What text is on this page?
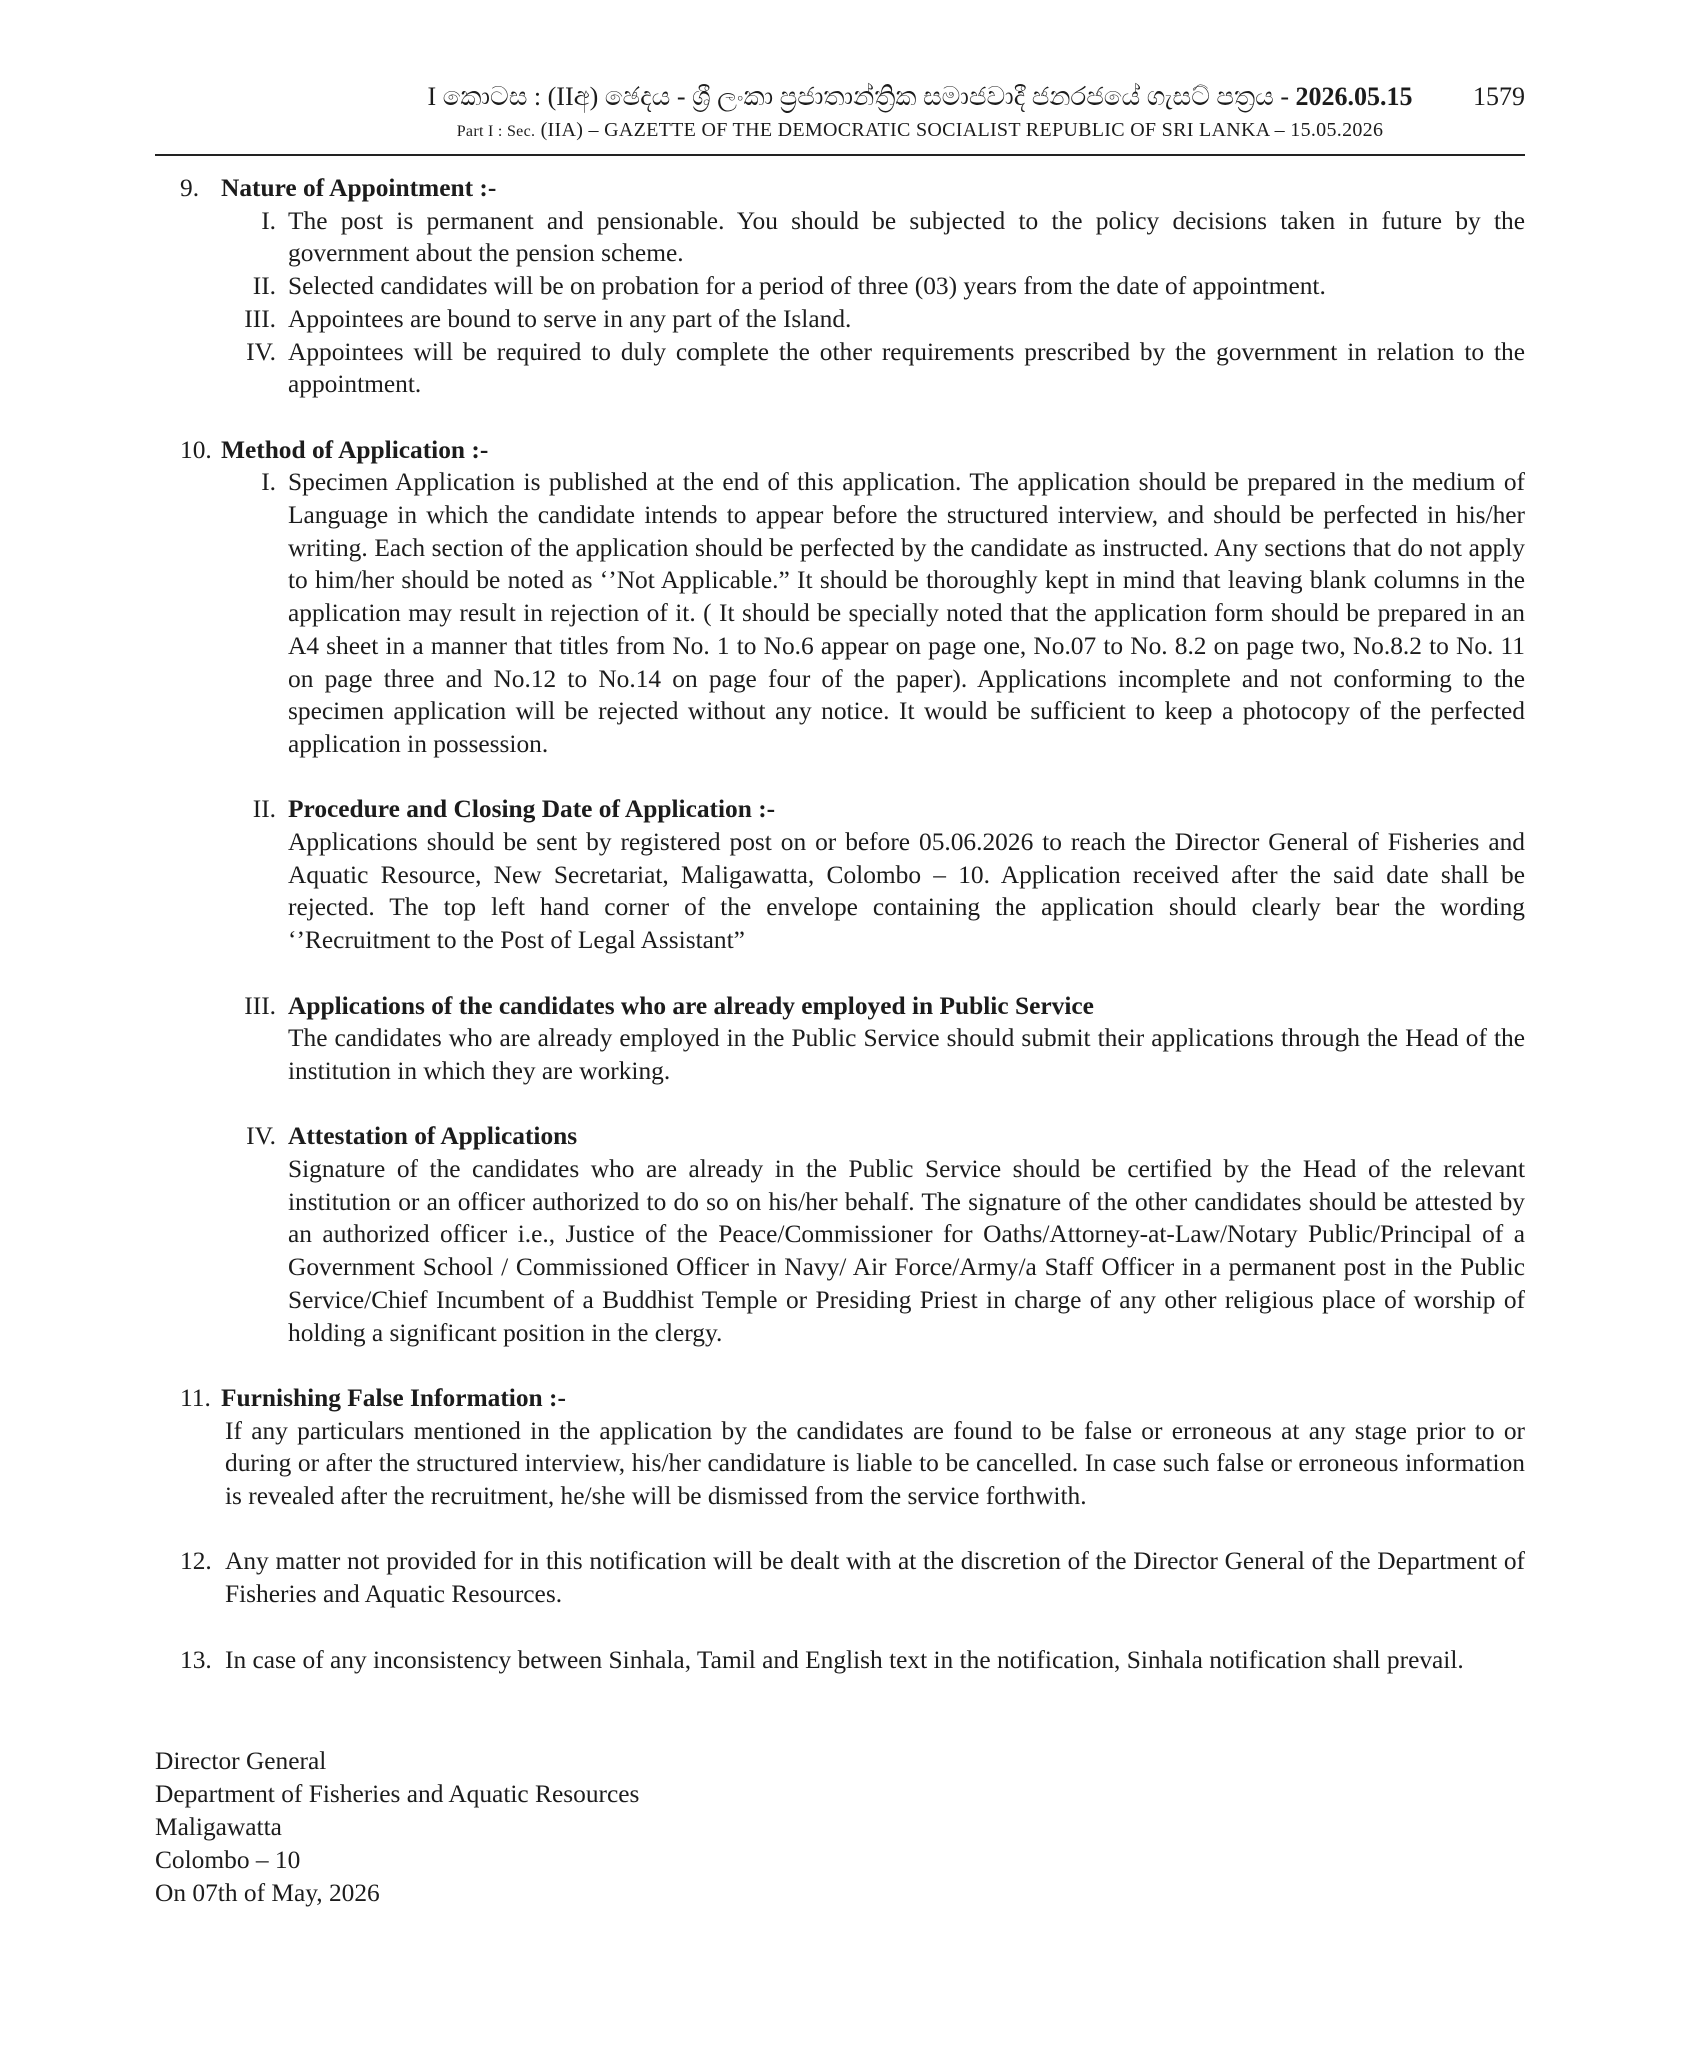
I කොටස : (IIඅ) ඡෙදය - ශ්‍රී ලංකා ප්‍රජාතාන්ත්‍රික සමාජවාදී ජනරජයේ ගැසට් පත්‍රය - 2026.05.15	1579
Part I : Sec. (IIA) – GAZETTE OF THE DEMOCRATIC SOCIALIST REPUBLIC OF SRI LANKA – 15.05.2026
9. Nature of Appointment :-
I. The post is permanent and pensionable. You should be subjected to the policy decisions taken in future by the government about the pension scheme.
II. Selected candidates will be on probation for a period of three (03) years from the date of appointment.
III. Appointees are bound to serve in any part of the Island.
IV. Appointees will be required to duly complete the other requirements prescribed by the government in relation to the appointment.
10. Method of Application :-
I. Specimen Application is published at the end of this application. The application should be prepared in the medium of Language in which the candidate intends to appear before the structured interview, and should be perfected in his/her writing. Each section of the application should be perfected by the candidate as instructed. Any sections that do not apply to him/her should be noted as ‘’Not Applicable.” It should be thoroughly kept in mind that leaving blank columns in the application may result in rejection of it. ( It should be specially noted that the application form should be prepared in an A4 sheet in a manner that titles from No. 1 to No.6 appear on page one, No.07 to No. 8.2 on page two, No.8.2 to No. 11 on page three and No.12 to No.14 on page four of the paper). Applications incomplete and not conforming to the specimen application will be rejected without any notice. It would be sufficient to keep a photocopy of the perfected application in possession.
II. Procedure and Closing Date of Application :-
Applications should be sent by registered post on or before 05.06.2026 to reach the Director General of Fisheries and Aquatic Resource, New Secretariat, Maligawatta, Colombo – 10. Application received after the said date shall be rejected. The top left hand corner of the envelope containing the application should clearly bear the wording ‘’Recruitment to the Post of Legal Assistant”
III. Applications of the candidates who are already employed in Public Service
The candidates who are already employed in the Public Service should submit their applications through the Head of the institution in which they are working.
IV. Attestation of Applications
Signature of the candidates who are already in the Public Service should be certified by the Head of the relevant institution or an officer authorized to do so on his/her behalf. The signature of the other candidates should be attested by an authorized officer i.e., Justice of the Peace/Commissioner for Oaths/Attorney-at-Law/Notary Public/Principal of a Government School / Commissioned Officer in Navy/ Air Force/Army/a Staff Officer in a permanent post in the Public Service/Chief Incumbent of a Buddhist Temple or Presiding Priest in charge of any other religious place of worship of holding a significant position in the clergy.
11. Furnishing False Information :-
If any particulars mentioned in the application by the candidates are found to be false or erroneous at any stage prior to or during or after the structured interview, his/her candidature is liable to be cancelled. In case such false or erroneous information is revealed after the recruitment, he/she will be dismissed from the service forthwith.
12. Any matter not provided for in this notification will be dealt with at the discretion of the Director General of the Department of Fisheries and Aquatic Resources.
13. In case of any inconsistency between Sinhala, Tamil and English text in the notification, Sinhala notification shall prevail.
Director General
Department of Fisheries and Aquatic Resources
Maligawatta
Colombo – 10
On 07th of May, 2026
